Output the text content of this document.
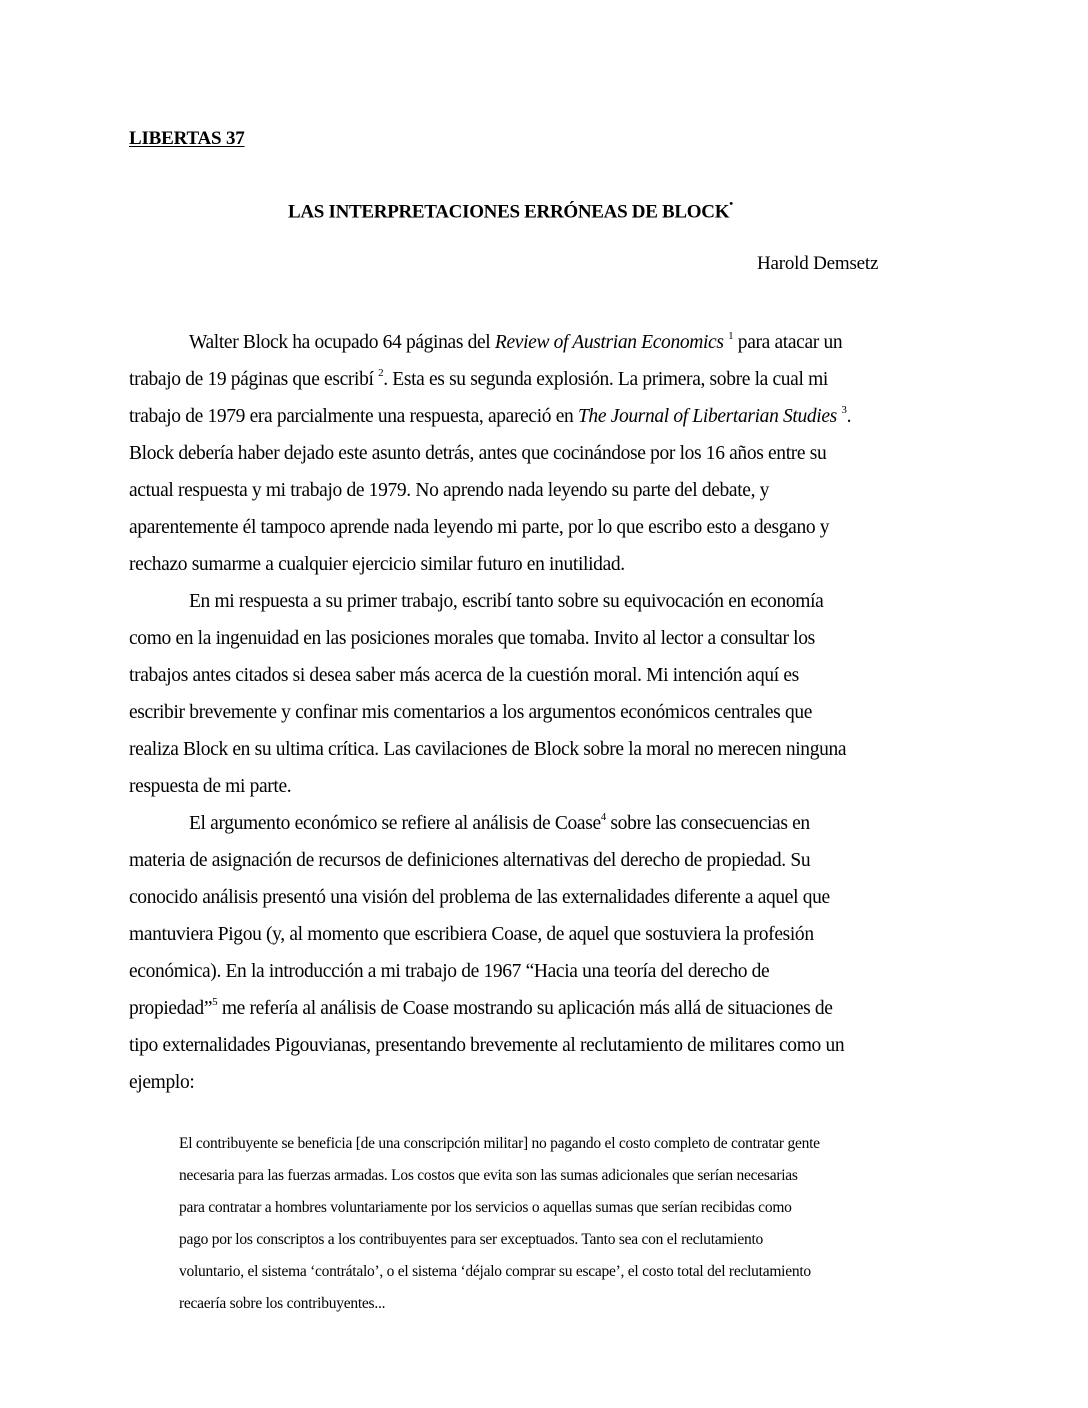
LIBERTAS 37
LAS INTERPRETACIONES ERRÓNEAS DE BLOCK•
Harold Demsetz
Walter Block ha ocupado 64 páginas del Review of Austrian Economics $^1$ para atacar un
trabajo de 19 páginas que escribí $^2$. Esta es su segunda explosión. La primera, sobre la cual mi
trabajo de 1979 era parcialmente una respuesta, apareció en The Journal of Libertarian Studies $^3$.
Block debería haber dejado este asunto detrás, antes que cocinándose por los 16 años entre su
actual respuesta y mi trabajo de 1979. No aprendo nada leyendo su parte del debate, y
aparentemente él tampoco aprende nada leyendo mi parte, por lo que escribo esto a desgano y
rechazo sumarme a cualquier ejercicio similar futuro en inutilidad.
En mi respuesta a su primer trabajo, escribí tanto sobre su equivocación en economía
como en la ingenuidad en las posiciones morales que tomaba. Invito al lector a consultar los
trabajos antes citados si desea saber más acerca de la cuestión moral. Mi intención aquí es
escribir brevemente y confinar mis comentarios a los argumentos económicos centrales que
realiza Block en su ultima crítica. Las cavilaciones de Block sobre la moral no merecen ninguna
respuesta de mi parte.
El argumento económico se refiere al análisis de Coase$^4$ sobre las consecuencias en
materia de asignación de recursos de definiciones alternativas del derecho de propiedad. Su
conocido análisis presentó una visión del problema de las externalidades diferente a aquel que
mantuviera Pigou (y, al momento que escribiera Coase, de aquel que sostuviera la profesión
económica). En la introducción a mi trabajo de 1967 “Hacia una teoría del derecho de
propiedad”$^5$ me refería al análisis de Coase mostrando su aplicación más allá de situaciones de
tipo externalidades Pigouvianas, presentando brevemente al reclutamiento de militares como un
ejemplo:
El contribuyente se beneficia [de una conscripción militar] no pagando el costo completo de contratar gente
necesaria para las fuerzas armadas. Los costos que evita son las sumas adicionales que serían necesarias
para contratar a hombres voluntariamente por los servicios o aquellas sumas que serían recibidas como
pago por los conscriptos a los contribuyentes para ser exceptuados. Tanto sea con el reclutamiento
voluntario, el sistema ‘contrátalo’, o el sistema ‘déjalo comprar su escape’, el costo total del reclutamiento
recaería sobre los contribuyentes...
